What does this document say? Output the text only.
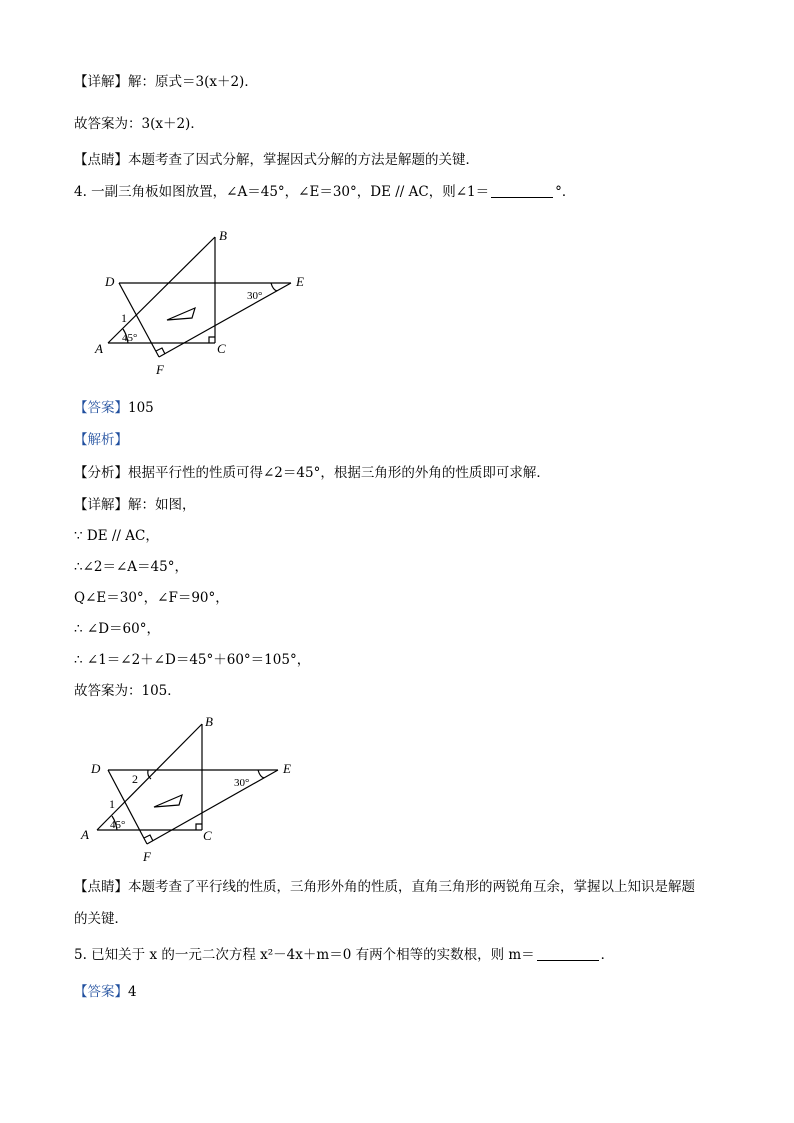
【详解】解：原式＝3(x＋2)．
故答案为：3(x＋2)．
【点睛】本题考查了因式分解，掌握因式分解的方法是解题的关键．
4. 一副三角板如图放置，∠A＝45°，∠E＝30°，DE // AC，则∠1＝	°．
B
D	E
A	C
F
1
45°
30°
【答案】105
【解析】
【分析】根据平行性的性质可得∠2＝45°，根据三角形的外角的性质即可求解．
【详解】解：如图，
∵ DE // AC，
∴∠2＝∠A＝45°，
Q∠E＝30°，∠F＝90°，
∴ ∠D＝60°，
∴ ∠1＝∠2＋∠D＝45°＋60°＝105°，
故答案为：105．
B
D	E
A	C
F
1
2
45°
30°
【点睛】本题考查了平行线的性质，三角形外角的性质，直角三角形的两锐角互余，掌握以上知识是解题
的关键．
5. 已知关于 x 的一元二次方程 x²－4x＋m＝0 有两个相等的实数根，则 m＝	．
【答案】4
